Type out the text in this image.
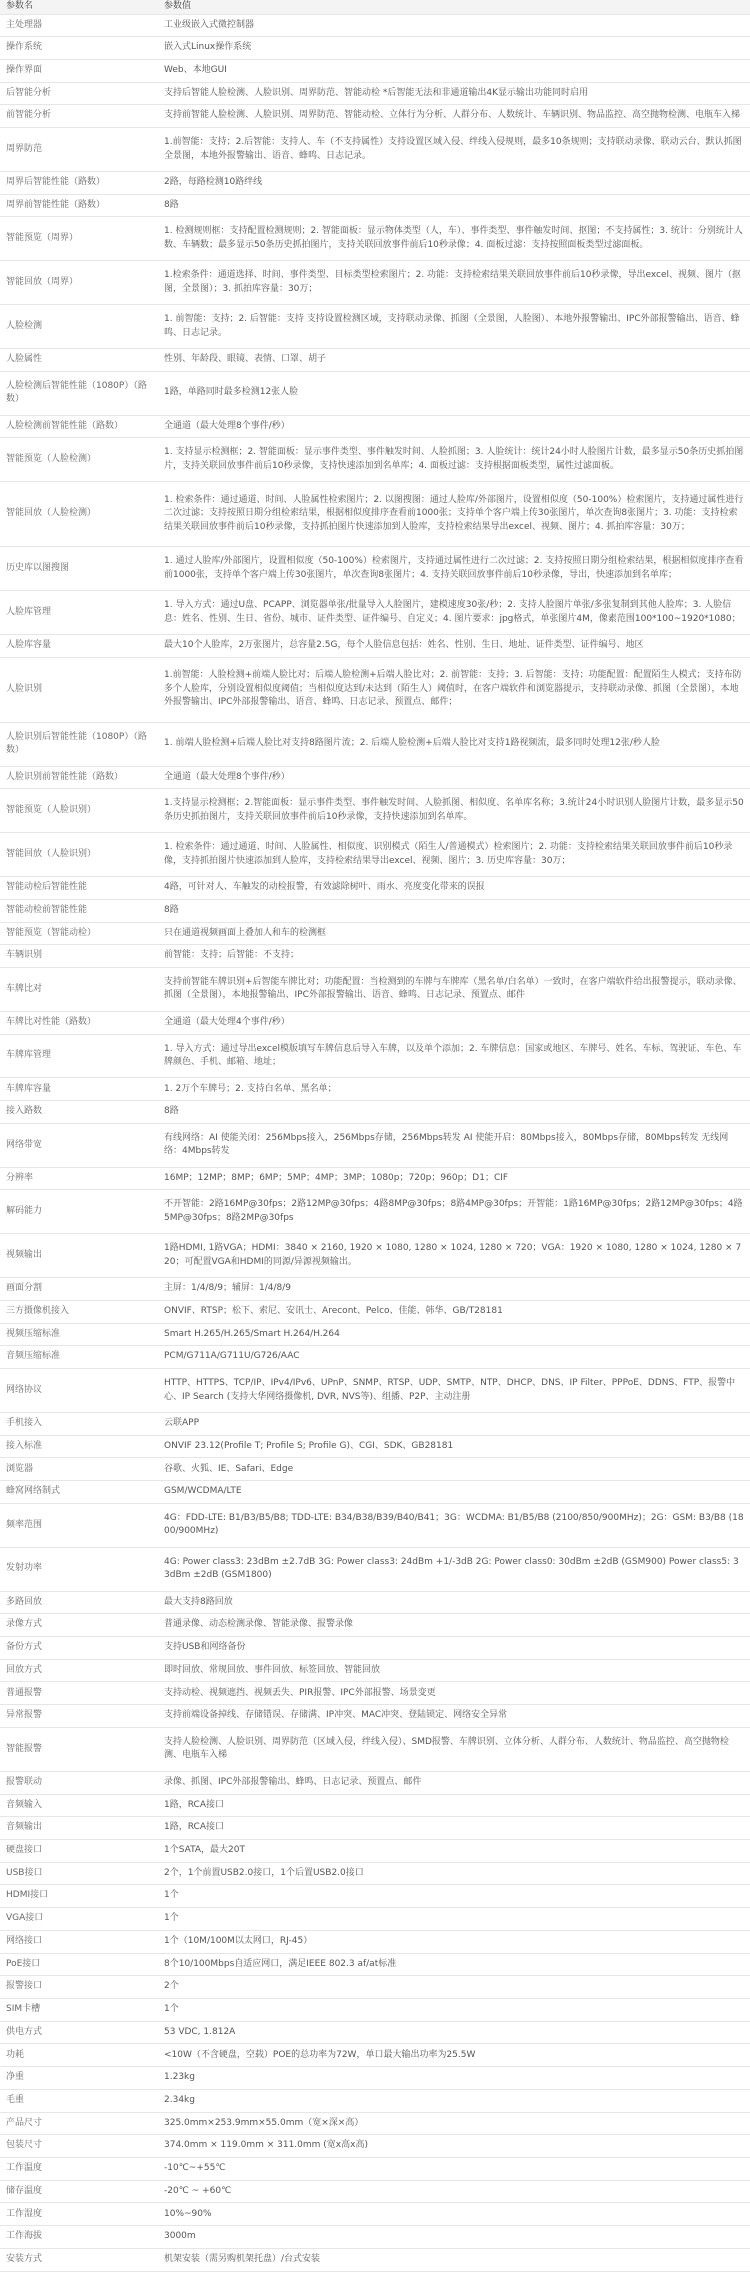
参数名	参数值
主处理器	工业级嵌入式微控制器
操作系统	嵌入式Linux操作系统
操作界面	Web、本地GUI
后智能分析	支持后智能人脸检测、人脸识别、周界防范、智能动检 *后智能无法和非通道输出4K显示输出功能同时启用
前智能分析	支持前智能人脸检测、人脸识别、周界防范、智能动检、立体行为分析、人群分布、人数统计、车辆识别、物品监控、高空抛物检测、电瓶车入梯
周界防范	1.前智能：支持；2.后智能：支持人、车（不支持属性）支持设置区域入侵、绊线入侵规则，最多10条规则；支持联动录像、联动云台、默认抓图全景图，本地外报警输出、语音、蜂鸣、日志记录。
周界后智能性能（路数）	2路，每路检测10路绊线
周界前智能性能（路数）	8路
智能预览（周界）	1. 检测规则框：支持配置检测规则；2. 智能面板：显示物体类型（人，车）、事件类型、事件触发时间、抠图；不支持属性；3. 统计：分别统计人数、车辆数；最多显示50条历史抓拍图片，支持关联回放事件前后10秒录像；4. 面板过滤：支持按照面板类型过滤面板。
智能回放（周界）	1.检索条件：通道选择、时间、事件类型、目标类型检索图片；2. 功能：支持检索结果关联回放事件前后10秒录像，导出excel、视频、图片（抠图，全景图）；3. 抓拍库容量：30万；
人脸检测	1. 前智能：支持；2. 后智能：支持 支持设置检测区域，支持联动录像、抓图（全景图，人脸图）、本地外报警输出、IPC外部报警输出、语音、蜂鸣、日志记录。
人脸属性	性别、年龄段、眼镜、表情、口罩、胡子
人脸检测后智能性能（1080P）（路数）	1路，单路同时最多检测12张人脸
人脸检测前智能性能（路数）	全通道（最大处理8个事件/秒）
智能预览（人脸检测）	1. 支持显示检测框；2. 智能面板：显示事件类型、事件触发时间、人脸抓图；3. 人脸统计：统计24小时人脸图片计数，最多显示50条历史抓拍图片，支持关联回放事件前后10秒录像，支持快速添加到名单库；4. 面板过滤：支持根据面板类型，属性过滤面板。
智能回放（人脸检测）	1. 检索条件：通过通道、时间、人脸属性检索图片；2. 以图搜图：通过人脸库/外部图片，设置相似度（50-100%）检索图片，支持通过属性进行二次过滤；支持按照日期分组检索结果，根据相似度排序查看前1000张；支持单个客户端上传30张图片，单次查询8张图片；3. 功能：支持检索结果关联回放事件前后10秒录像，支持抓拍图片快速添加到人脸库，支持检索结果导出excel、视频、图片；4. 抓拍库容量：30万；
历史库以图搜图	1. 通过人脸库/外部图片，设置相似度（50-100%）检索图片，支持通过属性进行二次过滤；2. 支持按照日期分组检索结果，根据相似度排序查看前1000张，支持单个客户端上传30张图片，单次查询8张图片；4. 支持关联回放事件前后10秒录像，导出，快速添加到名单库；
人脸库管理	1. 导入方式：通过U盘、PCAPP、浏览器单张/批量导入人脸图片，建模速度30张/秒；2. 支持人脸图片单张/多张复制到其他人脸库；3. 人脸信息：姓名、性别、生日、省份、城市、证件类型、证件编号、自定义；4. 图片要求：jpg格式，单张图片4M，像素范围100*100~1920*1080；
人脸库容量	最大10个人脸库，2万张图片，总容量2.5G，每个人脸信息包括：姓名、性别、生日、地址、证件类型、证件编号、地区
人脸识别	1.前智能：人脸检测+前端人脸比对；后端人脸检测+后端人脸比对；2. 前智能：支持；3. 后智能：支持；功能配置：配置陌生人模式；支持布防多个人脸库，分别设置相似度阈值；当相似度达到/未达到（陌生人）阈值时，在客户端软件和浏览器提示，支持联动录像、抓图（全景图），本地外报警输出、IPC外部报警输出、语音、蜂鸣、日志记录、预置点、邮件；
人脸识别后智能性能（1080P）（路数）	1. 前端人脸检测+后端人脸比对支持8路图片流；2. 后端人脸检测+后端人脸比对支持1路视频流，最多同时处理12张/秒人脸
人脸识别前智能性能（路数）	全通道（最大处理8个事件/秒）
智能预览（人脸识别）	1.支持显示检测框；2.智能面板：显示事件类型、事件触发时间、人脸抓图、相似度、名单库名称；3.统计24小时识别人脸图片计数，最多显示50条历史抓拍图片，支持关联回放事件前后10秒录像，支持快速添加到名单库。
智能回放（人脸识别）	1. 检索条件：通过通道、时间、人脸属性、相似度、识别模式（陌生人/普通模式）检索图片；2. 功能：支持检索结果关联回放事件前后10秒录像，支持抓拍图片快速添加到人脸库，支持检索结果导出excel、视频、图片；3. 历史库容量：30万；
智能动检后智能性能	4路，可针对人、车触发的动检报警，有效滤除树叶、雨水、亮度变化带来的误报
智能动检前智能性能	8路
智能预览（智能动检）	只在通道视频画面上叠加人和车的检测框
车辆识别	前智能：支持；后智能：不支持；
车牌比对	支持前智能车牌识别+后智能车牌比对；功能配置：当检测到的车牌与车牌库（黑名单/白名单）一致时，在客户端软件给出报警提示，联动录像、抓图（全景图），本地报警输出、IPC外部报警输出、语音、蜂鸣、日志记录、预置点、邮件
车牌比对性能（路数）	全通道（最大处理4个事件/秒）
车牌库管理	1. 导入方式：通过导出excel模版填写车牌信息后导入车牌，以及单个添加；2. 车牌信息：国家或地区、车牌号、姓名、车标、驾驶证、车色、车牌颜色、手机、邮箱、地址；
车牌库容量	1. 2万个车牌号；2. 支持白名单、黑名单；
接入路数	8路
网络带宽	有线网络：AI 使能关闭：256Mbps接入，256Mbps存储，256Mbps转发 AI 使能开启：80Mbps接入，80Mbps存储，80Mbps转发 无线网络：4Mbps转发
分辨率	16MP；12MP；8MP；6MP；5MP；4MP；3MP；1080p；720p；960p；D1；CIF
解码能力	不开智能：2路16MP@30fps；2路12MP@30fps；4路8MP@30fps；8路4MP@30fps；开智能：1路16MP@30fps；2路12MP@30fps；4路5MP@30fps；8路2MP@30fps
视频输出	1路HDMI, 1路VGA；HDMI：3840 × 2160, 1920 × 1080, 1280 × 1024, 1280 × 720；VGA：1920 × 1080, 1280 × 1024, 1280 × 720；可配置VGA和HDMI的同源/异源视频输出。
画面分割	主屏：1/4/8/9；辅屏：1/4/8/9
三方摄像机接入	ONVIF、RTSP；松下、索尼、安讯士、Arecont、Pelco、佳能、韩华、GB/T28181
视频压缩标准	Smart H.265/H.265/Smart H.264/H.264
音频压缩标准	PCM/G711A/G711U/G726/AAC
网络协议	HTTP、HTTPS、TCP/IP、IPv4/IPv6、UPnP、SNMP、RTSP、UDP、SMTP、NTP、DHCP、DNS、IP Filter、PPPoE、DDNS、FTP、报警中心、IP Search (支持大华网络摄像机, DVR, NVS等)、组播、P2P、主动注册
手机接入	云联APP
接入标准	ONVIF 23.12(Profile T; Profile S; Profile G)、CGI、SDK、GB28181
浏览器	谷歌、火狐、IE、Safari、Edge
蜂窝网络制式	GSM/WCDMA/LTE
频率范围	4G：FDD-LTE: B1/B3/B5/B8; TDD-LTE: B34/B38/B39/B40/B41；3G：WCDMA: B1/B5/B8 (2100/850/900MHz)；2G：GSM: B3/B8 (1800/900MHz)
发射功率	4G: Power class3: 23dBm ±2.7dB 3G: Power class3: 24dBm +1/-3dB 2G: Power class0: 30dBm ±2dB (GSM900) Power class5: 33dBm ±2dB (GSM1800)
多路回放	最大支持8路回放
录像方式	普通录像、动态检测录像、智能录像、报警录像
备份方式	支持USB和网络备份
回放方式	即时回放、常规回放、事件回放、标签回放、智能回放
普通报警	支持动检、视频遮挡、视频丢失、PIR报警、IPC外部报警、场景变更
异常报警	支持前端设备掉线、存储错误、存储满、IP冲突、MAC冲突、登陆锁定、网络安全异常
智能报警	支持人脸检测、人脸识别、周界防范（区域入侵，绊线入侵）、SMD报警、车牌识别、立体分析、人群分布、人数统计、物品监控、高空抛物检测、电瓶车入梯
报警联动	录像、抓图、IPC外部报警输出、蜂鸣、日志记录、预置点、邮件
音频输入	1路，RCA接口
音频输出	1路，RCA接口
硬盘接口	1个SATA，最大20T
USB接口	2个，1个前置USB2.0接口，1个后置USB2.0接口
HDMI接口	1个
VGA接口	1个
网络接口	1个（10M/100M以太网口，RJ-45）
PoE接口	8个10/100Mbps自适应网口，满足IEEE 802.3 af/at标准
报警接口	2个
SIM卡槽	1个
供电方式	53 VDC, 1.812A
功耗	<10W（不含硬盘，空载）POE的总功率为72W，单口最大输出功率为25.5W
净重	1.23kg
毛重	2.34kg
产品尺寸	325.0mm×253.9mm×55.0mm（宽×深×高）
包装尺寸	374.0mm × 119.0mm × 311.0mm (宽x高x高)
工作温度	-10℃~+55℃
储存温度	-20℃ ~ +60℃
工作湿度	10%~90%
工作海拔	3000m
安装方式	机架安装（需另购机架托盘）/台式安装
